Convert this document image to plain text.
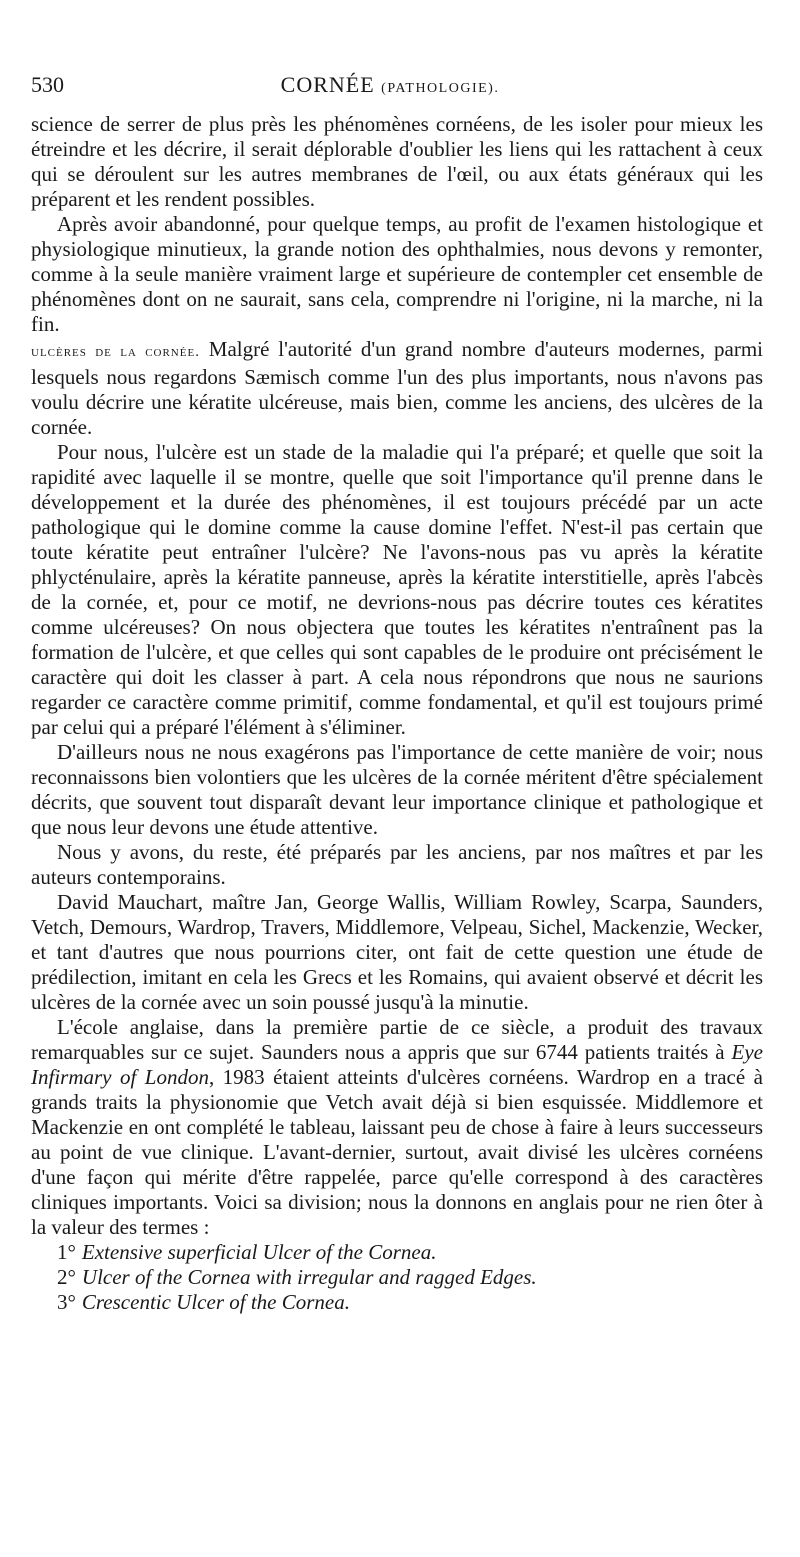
530	CORNÉE (PATHOLOGIE).

science de serrer de plus près les phénomènes cornéens, de les isoler pour mieux les étreindre et les décrire, il serait déplorable d'oublier les liens qui les rattachent à ceux qui se déroulent sur les autres membranes de l'œil, ou aux états généraux qui les préparent et les rendent possibles.

Après avoir abandonné, pour quelque temps, au profit de l'examen histologique et physiologique minutieux, la grande notion des ophthalmies, nous devons y remonter, comme à la seule manière vraiment large et supérieure de contempler cet ensemble de phénomènes dont on ne saurait, sans cela, comprendre ni l'origine, ni la marche, ni la fin.

ulcères de la cornée. Malgré l'autorité d'un grand nombre d'auteurs modernes, parmi lesquels nous regardons Sæmisch comme l'un des plus importants, nous n'avons pas voulu décrire une kératite ulcéreuse, mais bien, comme les anciens, des ulcères de la cornée.

Pour nous, l'ulcère est un stade de la maladie qui l'a préparé; et quelle que soit la rapidité avec laquelle il se montre, quelle que soit l'importance qu'il prenne dans le développement et la durée des phénomènes, il est toujours précédé par un acte pathologique qui le domine comme la cause domine l'effet. N'est-il pas certain que toute kératite peut entraîner l'ulcère? Ne l'avons-nous pas vu après la kératite phlycténulaire, après la kératite panneuse, après la kératite interstitielle, après l'abcès de la cornée, et, pour ce motif, ne devrions-nous pas décrire toutes ces kératites comme ulcéreuses? On nous objectera que toutes les kératites n'entraînent pas la formation de l'ulcère, et que celles qui sont capables de le produire ont précisément le caractère qui doit les classer à part. A cela nous répondrons que nous ne saurions regarder ce caractère comme primitif, comme fondamental, et qu'il est toujours primé par celui qui a préparé l'élément à s'éliminer.

D'ailleurs nous ne nous exagérons pas l'importance de cette manière de voir; nous reconnaissons bien volontiers que les ulcères de la cornée méritent d'être spécialement décrits, que souvent tout disparaît devant leur importance clinique et pathologique et que nous leur devons une étude attentive.

Nous y avons, du reste, été préparés par les anciens, par nos maîtres et par les auteurs contemporains.

David Mauchart, maître Jan, George Wallis, William Rowley, Scarpa, Saunders, Vetch, Demours, Wardrop, Travers, Middlemore, Velpeau, Sichel, Mackenzie, Wecker, et tant d'autres que nous pourrions citer, ont fait de cette question une étude de prédilection, imitant en cela les Grecs et les Romains, qui avaient observé et décrit les ulcères de la cornée avec un soin poussé jusqu'à la minutie.

L'école anglaise, dans la première partie de ce siècle, a produit des travaux remarquables sur ce sujet. Saunders nous a appris que sur 6744 patients traités à Eye Infirmary of London, 1983 étaient atteints d'ulcères cornéens. Wardrop en a tracé à grands traits la physionomie que Vetch avait déjà si bien esquissée. Middlemore et Mackenzie en ont complété le tableau, laissant peu de chose à faire à leurs successeurs au point de vue clinique. L'avant-dernier, surtout, avait divisé les ulcères cornéens d'une façon qui mérite d'être rappelée, parce qu'elle correspond à des caractères cliniques importants. Voici sa division; nous la donnons en anglais pour ne rien ôter à la valeur des termes :

1° Extensive superficial Ulcer of the Cornea.
2° Ulcer of the Cornea with irregular and ragged Edges.
3° Crescentic Ulcer of the Cornea.
